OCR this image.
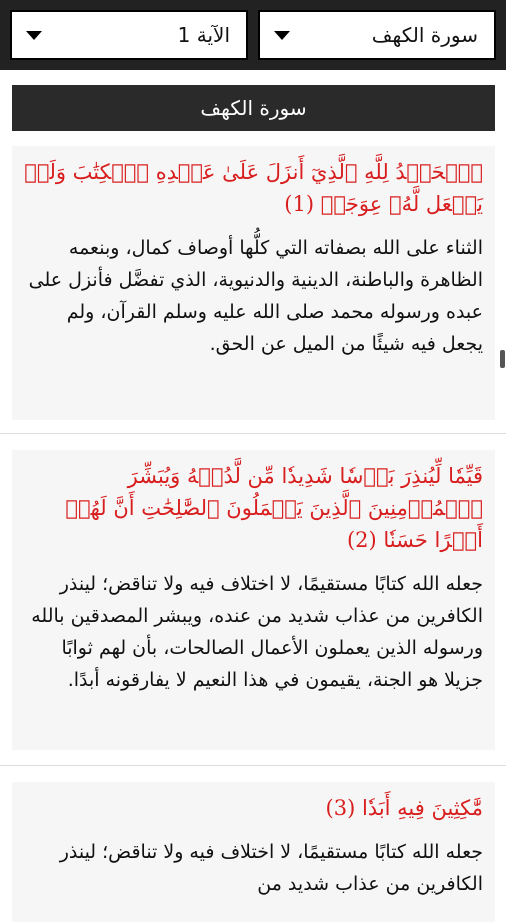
الآية 1	سورة الكهف
سورة الكهف

ٱلۡحَمۡدُ لِلَّهِ ٱلَّذِيٓ أَنزَلَ عَلَىٰ عَبۡدِهِ ٱلۡكِتَٰبَ وَلَمۡ يَجۡعَل لَّهُۥ عِوَجَاۜ (1)

الثناء على الله بصفاته التي كلُّها أوصاف كمال، وبنعمه الظاهرة والباطنة، الدينية والدنيوية، الذي تفضَّل فأنزل على عبده ورسوله محمد صلى الله عليه وسلم القرآن، ولم يجعل فيه شيئًا من الميل عن الحق.

قَيِّمٗا لِّيُنذِرَ بَأۡسٗا شَدِيدٗا مِّن لَّدُنۡهُ وَيُبَشِّرَ ٱلۡمُؤۡمِنِينَ ٱلَّذِينَ يَعۡمَلُونَ ٱلصَّٰلِحَٰتِ أَنَّ لَهُمۡ أَجۡرًا حَسَنٗا (2)

جعله الله كتابًا مستقيمًا، لا اختلاف فيه ولا تناقض؛ لينذر الكافرين من عذاب شديد من عنده، ويبشر المصدقين بالله ورسوله الذين يعملون الأعمال الصالحات، بأن لهم ثوابًا جزيلا هو الجنة، يقيمون في هذا النعيم لا يفارقونه أبدًا.

مَّٰكِثِينَ فِيهِ أَبَدٗا (3)

جعله الله كتابًا مستقيمًا، لا اختلاف فيه ولا تناقض؛ لينذر الكافرين من عذاب شديد من
